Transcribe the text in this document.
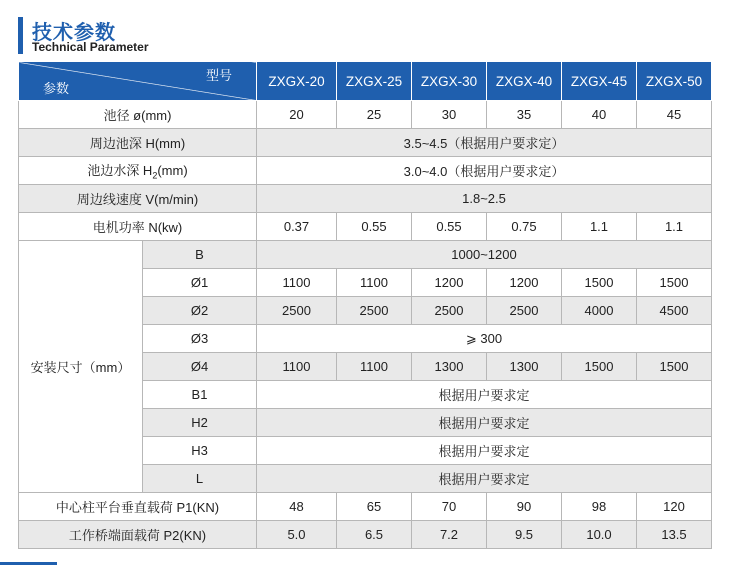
技术参数
Technical Parameter
型号
参数		ZXGX-20	ZXGX-25	ZXGX-30	ZXGX-40	ZXGX-45	ZXGX-50
池径 ø(mm)		20	25	30	35	40	45
周边池深 H(mm)		3.5~4.5（根据用户要求定）					
池边水深 $H_2(mm)$		3.0~4.0（根据用户要求定）					
周边线速度 V(m/min)		1.8~2.5					
电机功率 N(kw)		0.37	0.55	0.55	0.75	1.1	1.1
安装尺寸（mm）	B	1000~1200					
	Ø1	1100	1100	1200	1200	1500	1500
	Ø2	2500	2500	2500	2500	4000	4500
	Ø3	⩾ 300					
	Ø4	1100	1100	1300	1300	1500	1500
	B1	根据用户要求定					
	H2	根据用户要求定					
	H3	根据用户要求定					
	L	根据用户要求定					
中心柱平台垂直载荷 P1(KN)		48	65	70	90	98	120
工作桥端面载荷 P2(KN)		5.0	6.5	7.2	9.5	10.0	13.5
